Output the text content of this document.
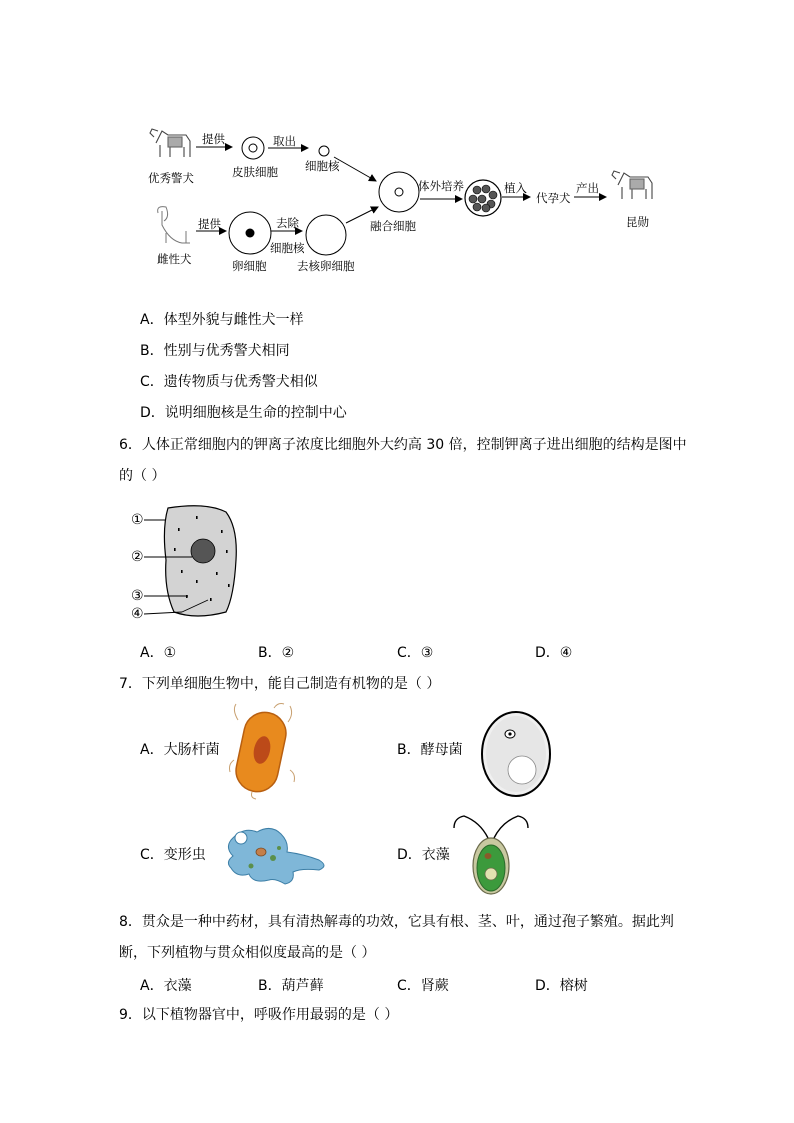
提供
优秀警犬	皮肤细胞
取出
细胞核
提供
雌性犬	卵细胞
去除
细胞核
去核卵细胞
融合细胞
体外培养	植入
代孕犬
产出
昆勋
A．体型外貌与雌性犬一样
B．性别与优秀警犬相同
C．遗传物质与优秀警犬相似
D．说明细胞核是生命的控制中心
6．人体正常细胞内的钾离子浓度比细胞外大约高 30 倍，控制钾离子进出细胞的结构是图中
的（ ）
①
②
③
④
A．①	B．②	C．③	D．④
7．下列单细胞生物中，能自己制造有机物的是（ ）
A．大肠杆菌	B．酵母菌
C．变形虫	D．衣藻
8．贯众是一种中药材，具有清热解毒的功效，它具有根、茎、叶，通过孢子繁殖。据此判
断，下列植物与贯众相似度最高的是（ ）
A．衣藻	B．葫芦藓	C．肾蕨	D．榕树
9．以下植物器官中，呼吸作用最弱的是（ ）
